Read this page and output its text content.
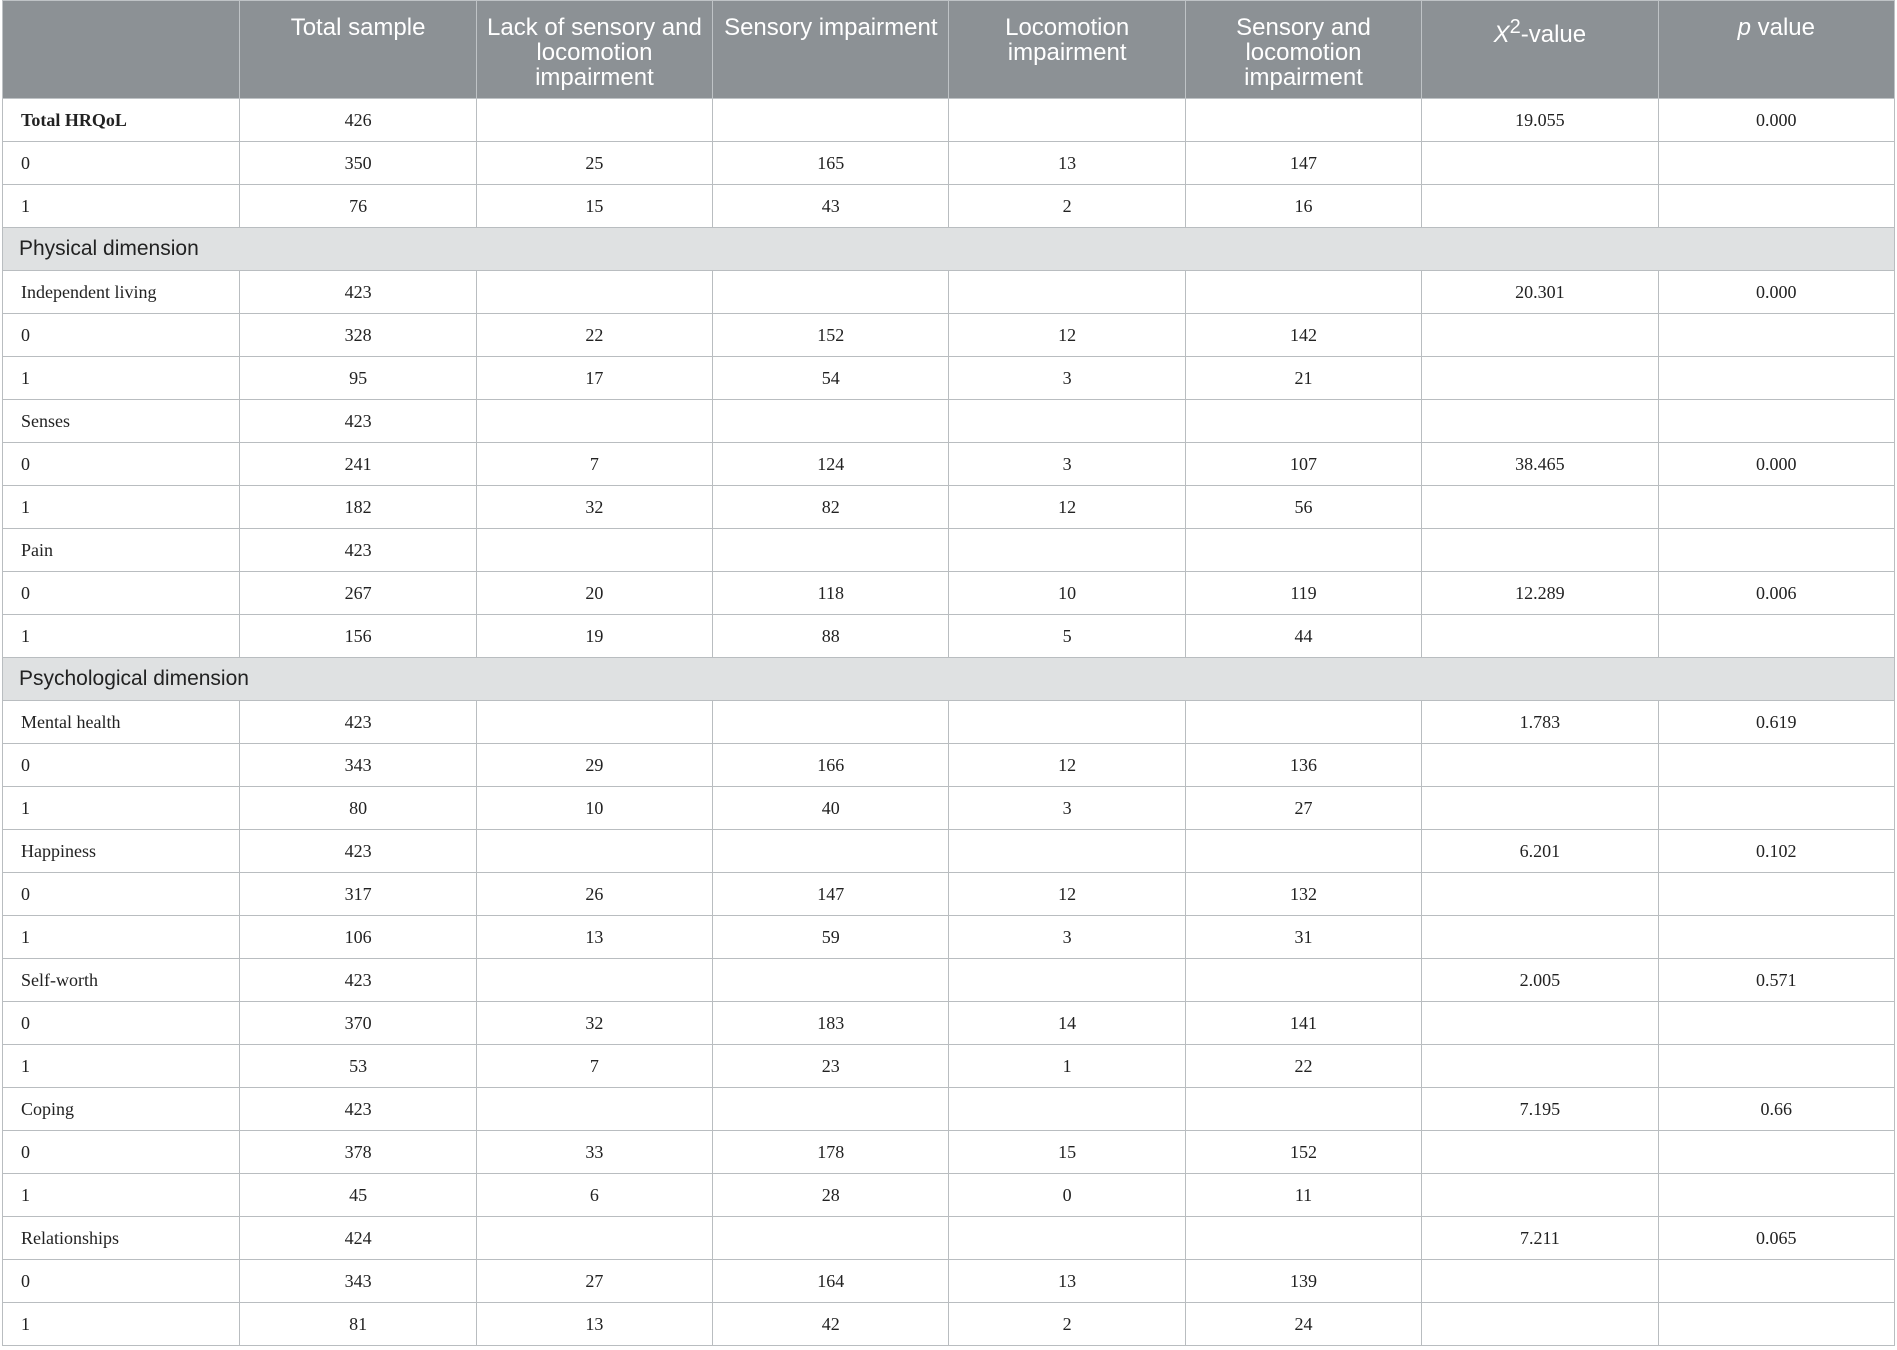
	Total sample	Lack of sensory and locomotion impairment	Sensory impairment	Locomotion impairment	Sensory and locomotion impairment	$X^2$-value	p value
Total HRQoL	426					19.055	0.000
0	350	25	165	13	147		
1	76	15	43	2	16		
Physical dimension							
Independent living	423					20.301	0.000
0	328	22	152	12	142		
1	95	17	54	3	21		
Senses	423						
0	241	7	124	3	107	38.465	0.000
1	182	32	82	12	56		
Pain	423						
0	267	20	118	10	119	12.289	0.006
1	156	19	88	5	44		
Psychological dimension							
Mental health	423					1.783	0.619
0	343	29	166	12	136		
1	80	10	40	3	27		
Happiness	423					6.201	0.102
0	317	26	147	12	132		
1	106	13	59	3	31		
Self-worth	423					2.005	0.571
0	370	32	183	14	141		
1	53	7	23	1	22		
Coping	423					7.195	0.66
0	378	33	178	15	152		
1	45	6	28	0	11		
Relationships	424					7.211	0.065
0	343	27	164	13	139		
1	81	13	42	2	24		
